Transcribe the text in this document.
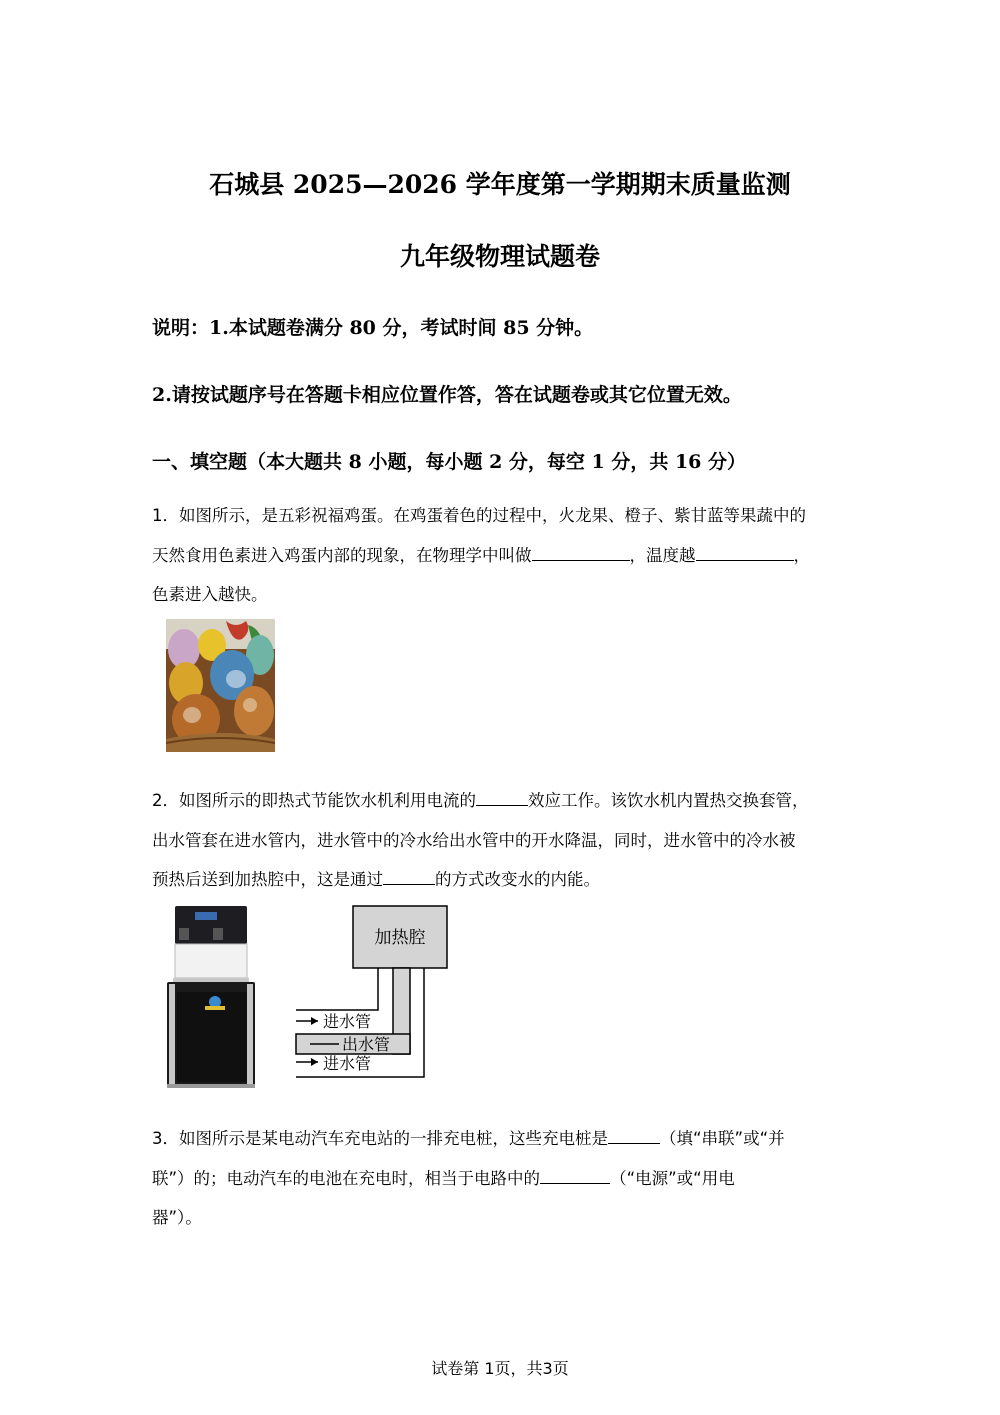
石城县 2025—2026 学年度第一学期期末质量监测
九年级物理试题卷
说明：1.本试题卷满分 80 分，考试时间 85 分钟。
2.请按试题序号在答题卡相应位置作答，答在试题卷或其它位置无效。
一、填空题（本大题共 8 小题，每小题 2 分，每空 1 分，共 16 分）
1．如图所示，是五彩祝福鸡蛋。在鸡蛋着色的过程中，火龙果、橙子、紫甘蓝等果蔬中的
天然食用色素进入鸡蛋内部的现象，在物理学中叫做	，温度越	，
色素进入越快。
2．如图所示的即热式节能饮水机利用电流的	效应工作。该饮水机内置热交换套管，
出水管套在进水管内，进水管中的冷水给出水管中的开水降温，同时，进水管中的冷水被
预热后送到加热腔中，这是通过	的方式改变水的内能。
加热腔
进水管
出水管
进水管
3．如图所示是某电动汽车充电站的一排充电桩，这些充电桩是	（填“串联”或“并
联”）的；电动汽车的电池在充电时，相当于电路中的	（“电源”或“用电
器”）。
试卷第 1页，共3页
